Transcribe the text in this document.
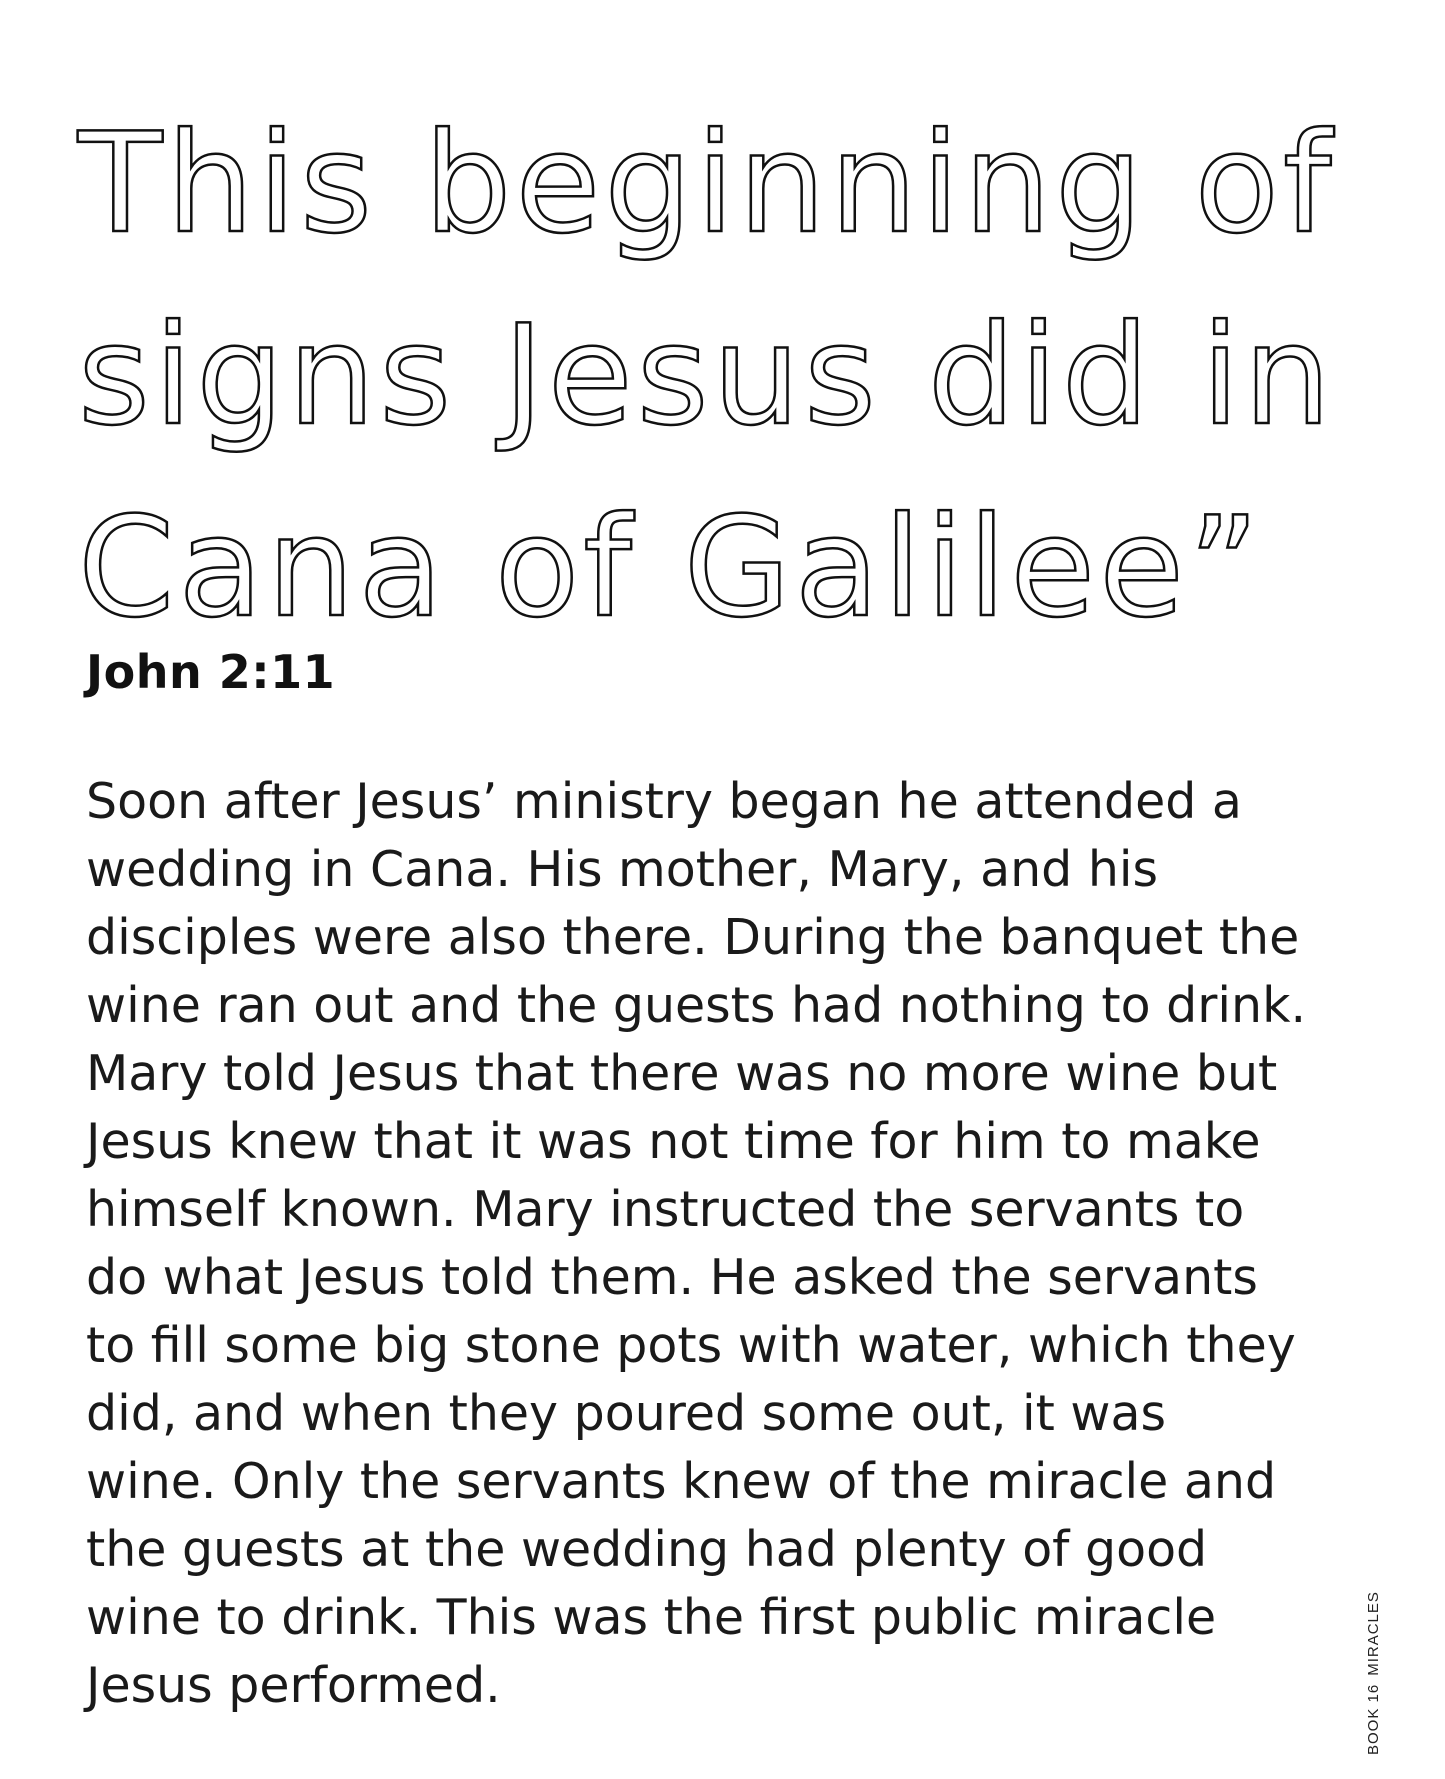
This beginning of
signs Jesus did in
Cana of Galilee”
John 2:11
Soon after Jesus’ ministry began he attended a
wedding in Cana. His mother, Mary, and his
disciples were also there. During the banquet the
wine ran out and the guests had nothing to drink.
Mary told Jesus that there was no more wine but
Jesus knew that it was not time for him to make
himself known. Mary instructed the servants to
do what Jesus told them. He asked the servants
to fill some big stone pots with water, which they
did, and when they poured some out, it was
wine. Only the servants knew of the miracle and
the guests at the wedding had plenty of good
wine to drink. This was the first public miracle
Jesus performed.	BOOK 16MIRACLES
